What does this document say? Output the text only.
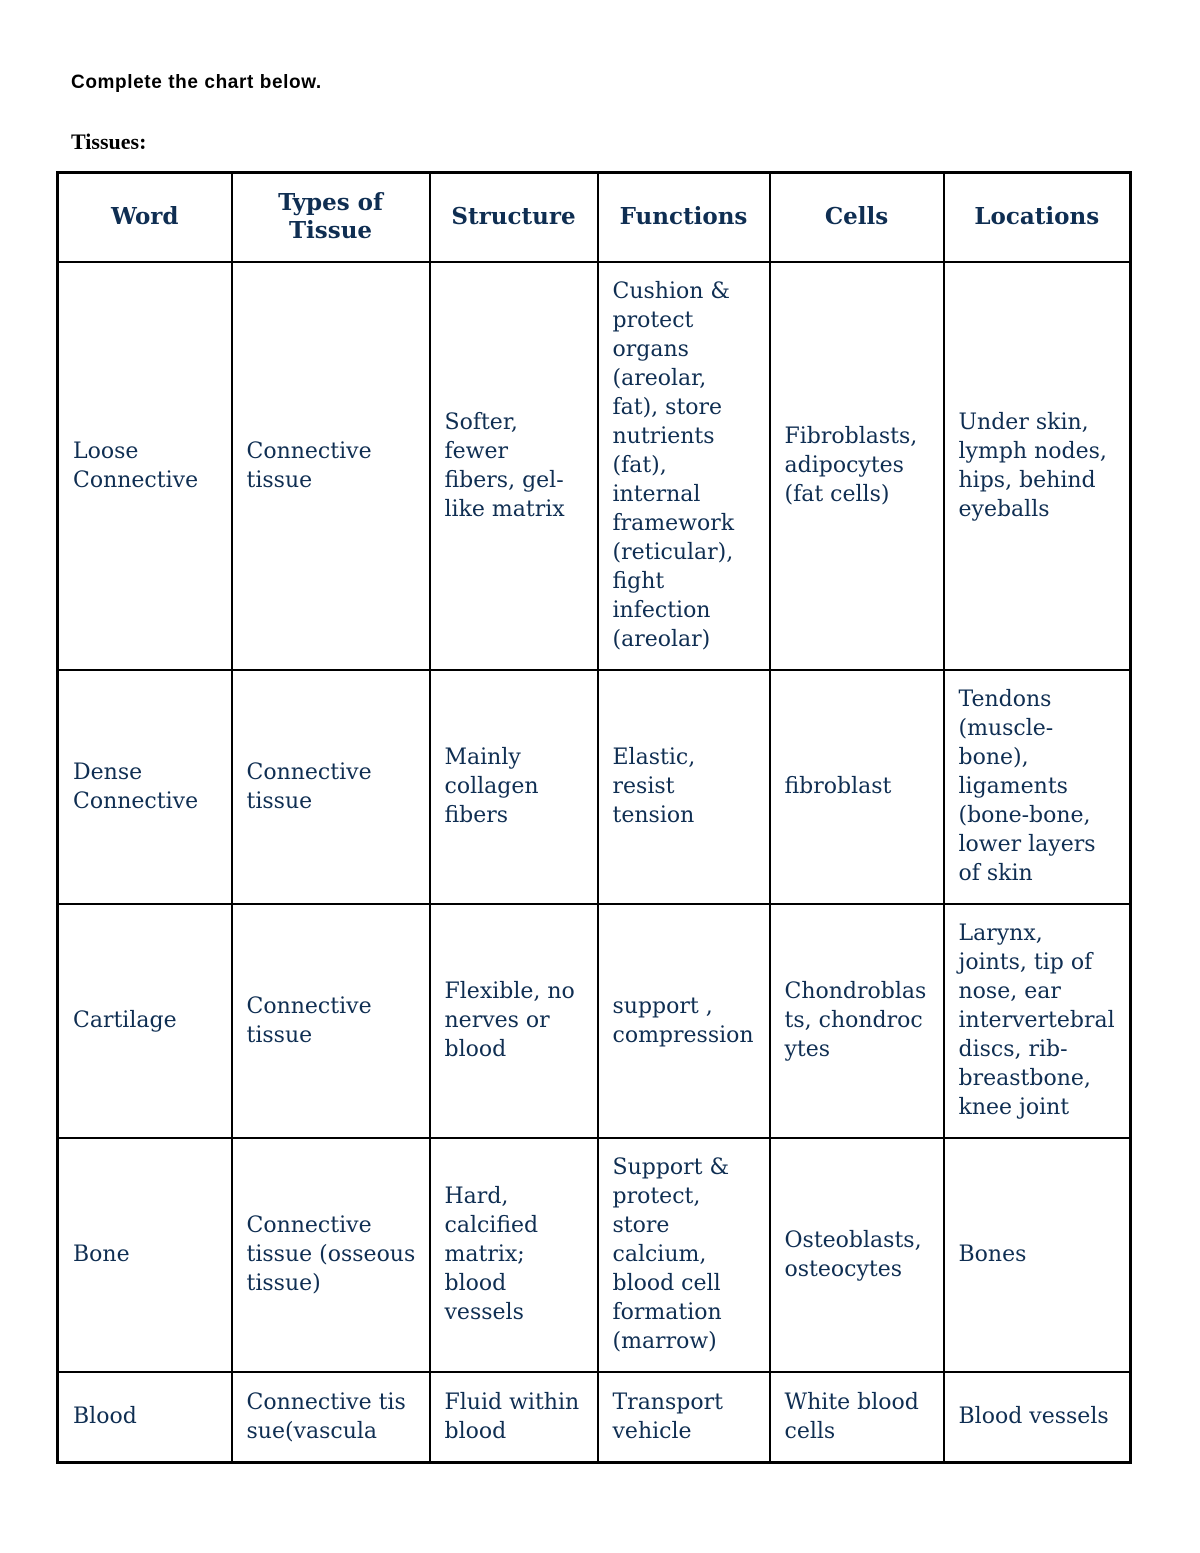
Complete the chart below.
Tissues:
Word	Types of Tissue	Structure	Functions	Cells	Locations
Loose Connective	Connective tissue	Softer, fewer fibers, gel-like matrix	Cushion & protect organs (areolar, fat), store nutrients (fat), internal framework (reticular), fight infection (areolar)	Fibroblasts, adipocytes (fat cells)	Under skin, lymph nodes, hips, behind eyeballs
Dense Connective	Connective tissue	Mainly collagen fibers	Elastic, resist tension	fibroblast	Tendons (muscle-bone), ligaments (bone-bone, lower layers of skin
Cartilage	Connective tissue	Flexible, no nerves or blood	support , compression	Chondroblasts, chondrocytes	Larynx, joints, tip of nose, ear intervertebral discs, rib-breastbone, knee joint
Bone	Connective tissue (osseous tissue)	Hard, calcified matrix; blood vessels	Support & protect, store calcium, blood cell formation (marrow)	Osteoblasts, osteocytes	Bones
Blood	Connective tissue(vascula	Fluid within blood	Transport vehicle	White blood cells	Blood vessels
